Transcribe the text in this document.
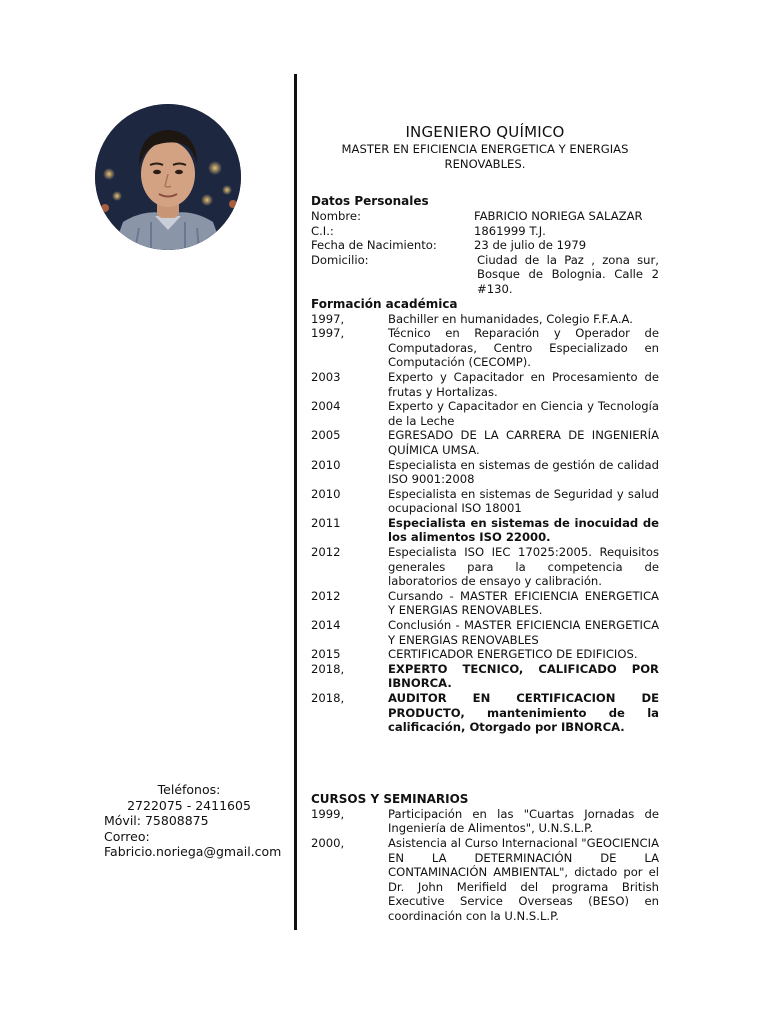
Teléfonos:
2722075 - 2411605
Móvil: 75808875
Correo:
Fabricio.noriega@gmail.com
INGENIERO QUÍMICO
MASTER EN EFICIENCIA ENERGETICA Y ENERGIAS RENOVABLES.
Datos Personales
Nombre:	FABRICIO NORIEGA SALAZAR
C.I.:	1861999 T.J.
Fecha de Nacimiento:	23 de julio de 1979
Domicilio:	Ciudad de la Paz , zona sur, Bosque de Bolognia. Calle 2 #130.
Formación académica
1997,	Bachiller en humanidades, Colegio F.F.A.A.
1997,	Técnico en Reparación y Operador de Computadoras, Centro Especializado en Computación (CECOMP).
2003	Experto y Capacitador en Procesamiento de frutas y Hortalizas.
2004	Experto y Capacitador en Ciencia y Tecnología de la Leche
2005	EGRESADO DE LA CARRERA DE INGENIERÍA QUÍMICA UMSA.
2010	Especialista en sistemas de gestión de calidad ISO 9001:2008
2010	Especialista en sistemas de Seguridad y salud ocupacional ISO 18001
2011	Especialista en sistemas de inocuidad de los alimentos ISO 22000.
2012	Especialista ISO IEC 17025:2005. Requisitos generales para la competencia de laboratorios de ensayo y calibración.
2012	Cursando - MASTER EFICIENCIA ENERGETICA Y ENERGIAS RENOVABLES.
2014	Conclusión - MASTER EFICIENCIA ENERGETICA Y ENERGIAS RENOVABLES
2015	CERTIFICADOR ENERGETICO DE EDIFICIOS.
2018,	EXPERTO TECNICO, CALIFICADO POR IBNORCA.
2018,	AUDITOR EN CERTIFICACION DE PRODUCTO, mantenimiento de la calificación, Otorgado por IBNORCA.
CURSOS Y SEMINARIOS
1999,	Participación en las "Cuartas Jornadas de Ingeniería de Alimentos", U.N.S.L.P.
2000,	Asistencia al Curso Internacional "GEOCIENCIA EN LA DETERMINACIÓN DE LA CONTAMINACIÓN AMBIENTAL", dictado por el Dr. John Merifield del programa British Executive Service Overseas (BESO) en coordinación con la U.N.S.L.P.
